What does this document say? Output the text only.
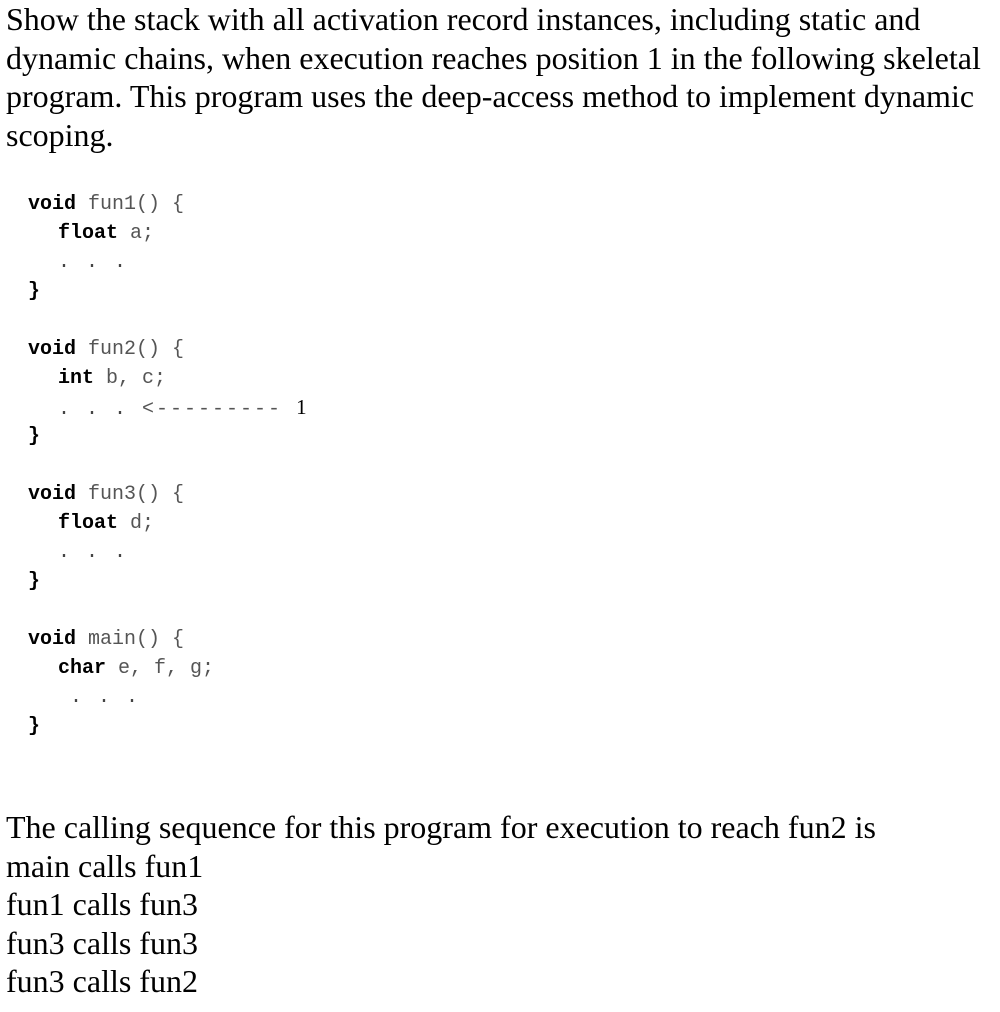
Show the stack with all activation record instances, including static and dynamic chains, when execution reaches position 1 in the following skeletal program. This program uses the deep-access method to implement dynamic scoping.

void fun1() {
float a;
. . .
}
void fun2() {
int b, c;
. . . <--------- 1
}
void fun3() {
float d;
. . .
}
void main() {
char e, f, g;
. . .
}
The calling sequence for this program for execution to reach fun2 is
main calls fun1
fun1 calls fun3
fun3 calls fun3
fun3 calls fun2
